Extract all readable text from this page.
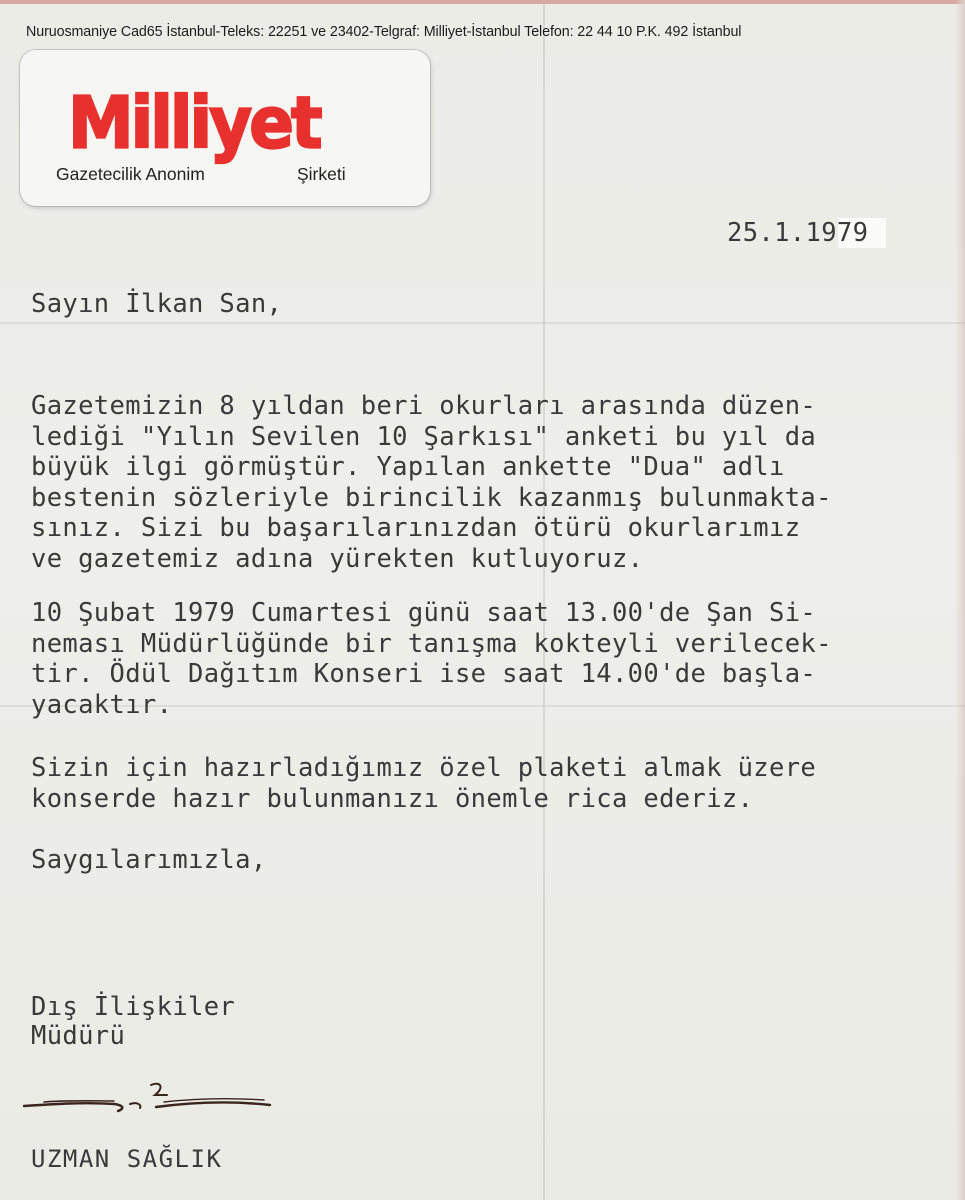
Nuruosmaniye Cad65 İstanbul-Teleks: 22251 ve 23402-Telgraf: Milliyet-İstanbul Telefon: 22 44 10 P.K. 492 İstanbul
Milliyet
Gazetecilik Anonim	Şirketi
25.1.1979
Sayın İlkan San,
Gazetemizin 8 yıldan beri okurları arasında düzen-
lediği "Yılın Sevilen 10 Şarkısı" anketi bu yıl da
büyük ilgi görmüştür. Yapılan ankette "Dua" adlı
bestenin sözleriyle birincilik kazanmış bulunmakta-
sınız. Sizi bu başarılarınızdan ötürü okurlarımız
ve gazetemiz adına yürekten kutluyoruz.
10 Şubat 1979 Cumartesi günü saat 13.00'de Şan Si-
neması Müdürlüğünde bir tanışma kokteyli verilecek-
tir. Ödül Dağıtım Konseri ise saat 14.00'de başla-
yacaktır.
Sizin için hazırladığımız özel plaketi almak üzere
konserde hazır bulunmanızı önemle rica ederiz.
Saygılarımızla,
Dış İlişkiler
Müdürü
UZMAN SAĞLIK
